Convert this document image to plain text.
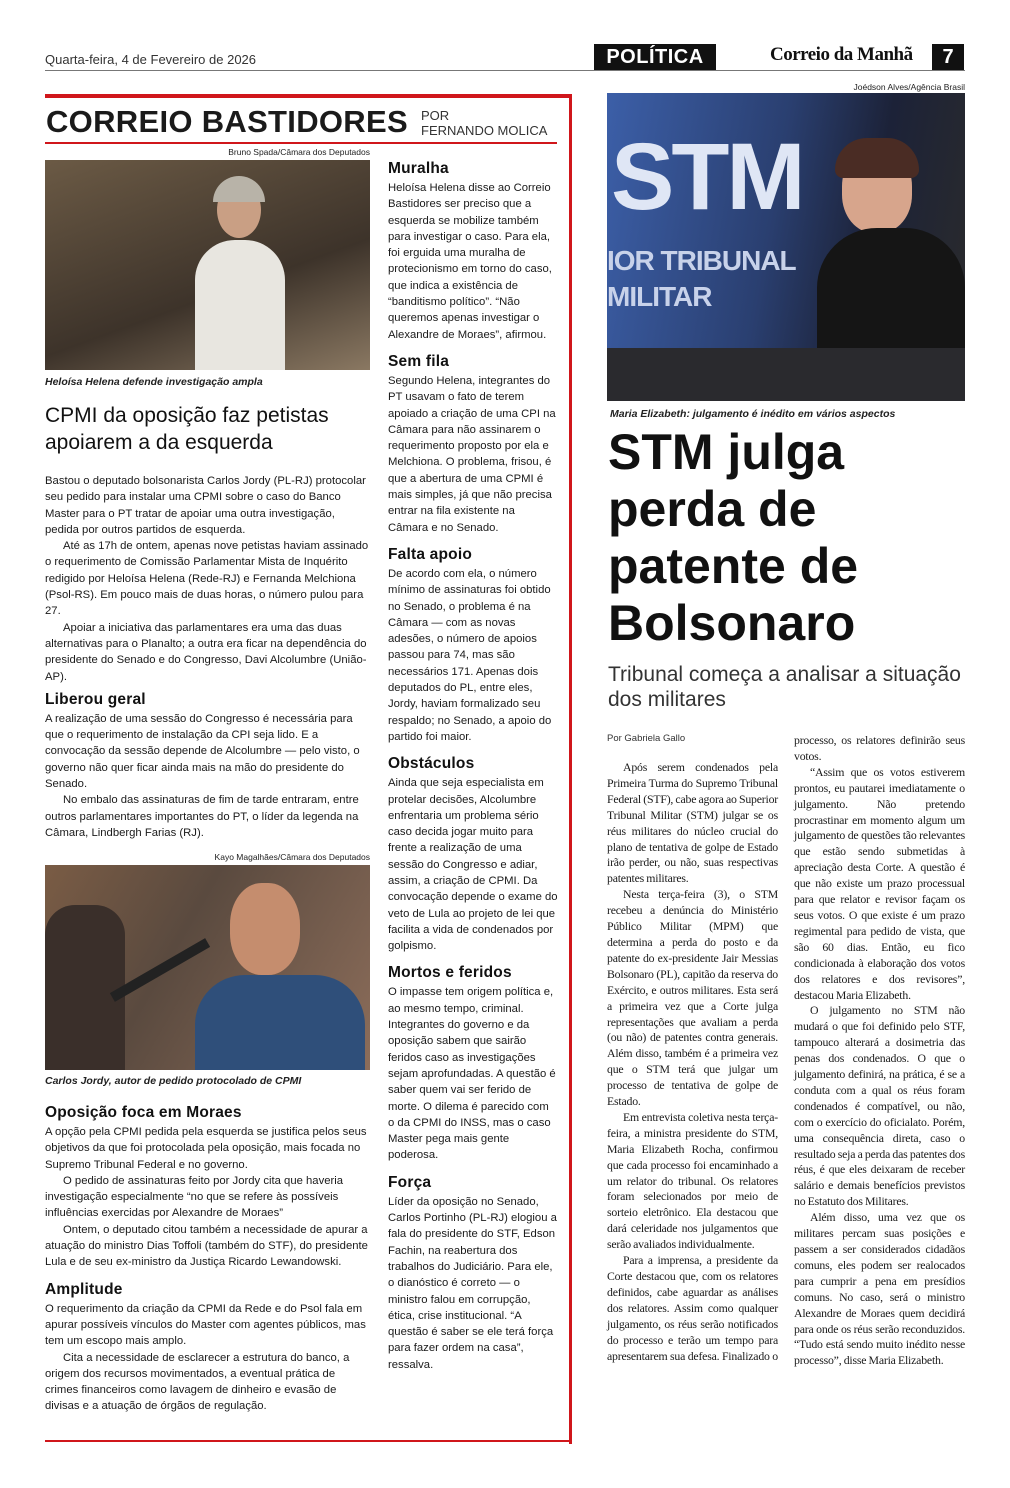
Quarta-feira, 4 de Fevereiro de 2026	POLÍTICA	Correio da Manhã	7
CORREIO BASTIDORES POR
FERNANDO MOLICA
Bruno Spada/Câmara dos Deputados
Heloísa Helena defende investigação ampla
CPMI da oposição faz petistas apoiarem a da esquerda

Bastou o deputado bolsonarista Carlos Jordy (PL-RJ) protocolar seu pedido para instalar uma CPMI sobre o caso do Banco Master para o PT tratar de apoiar uma outra investigação, pedida por outros partidos de esquerda.

Até as 17h de ontem, apenas nove petistas haviam assinado o requerimento de Comissão Parlamentar Mista de Inquérito redigido por Heloísa Helena (Rede-RJ) e Fernanda Melchiona (Psol-RS). Em pouco mais de duas horas, o número pulou para 27.

Apoiar a iniciativa das parlamentares era uma das duas alternativas para o Planalto; a outra era ficar na dependência do presidente do Senado e do Congresso, Davi Alcolumbre (União-AP).

Liberou geral

A realização de uma sessão do Congresso é necessária para que o requerimento de instalação da CPI seja lido. E a convocação da sessão depende de Alcolumbre — pelo visto, o governo não quer ficar ainda mais na mão do presidente do Senado.

No embalo das assinaturas de fim de tarde entraram, entre outros parlamentares importantes do PT, o líder da legenda na Câmara, Lindbergh Farias (RJ).

Kayo Magalhães/Câmara dos Deputados
Carlos Jordy, autor de pedido protocolado de CPMI
Oposição foca em Moraes

A opção pela CPMI pedida pela esquerda se justifica pelos seus objetivos da que foi protocolada pela oposição, mais focada no Supremo Tribunal Federal e no governo.

O pedido de assinaturas feito por Jordy cita que haveria investigação especialmente “no que se refere às possíveis influências exercidas por Alexandre de Moraes”

Ontem, o deputado citou também a necessidade de apurar a atuação do ministro Dias Toffoli (também do STF), do presidente Lula e de seu ex-ministro da Justiça Ricardo Lewandowski.

Amplitude

O requerimento da criação da CPMI da Rede e do Psol fala em apurar possíveis vínculos do Master com agentes públicos, mas tem um escopo mais amplo.

Cita a necessidade de esclarecer a estrutura do banco, a origem dos recursos movimentados, a eventual prática de crimes financeiros como lavagem de dinheiro e evasão de divisas e a atuação de órgãos de regulação.

Muralha

Heloísa Helena disse ao Correio Bastidores ser preciso que a esquerda se mobilize também para investigar o caso. Para ela, foi erguida uma muralha de protecionismo em torno do caso, que indica a existência de “banditismo político”. “Não queremos apenas investigar o Alexandre de Moraes”, afirmou.

Sem fila

Segundo Helena, integrantes do PT usavam o fato de terem apoiado a criação de uma CPI na Câmara para não assinarem o requerimento proposto por ela e Melchiona. O problema, frisou, é que a abertura de uma CPMI é mais simples, já que não precisa entrar na fila existente na Câmara e no Senado.

Falta apoio

De acordo com ela, o número mínimo de assinaturas foi obtido no Senado, o problema é na Câmara — com as novas adesões, o número de apoios passou para 74, mas são necessários 171. Apenas dois deputados do PL, entre eles, Jordy, haviam formalizado seu respaldo; no Senado, a apoio do partido foi maior.

Obstáculos

Ainda que seja especialista em protelar decisões, Alcolumbre enfrentaria um problema sério caso decida jogar muito para frente a realização de uma sessão do Congresso e adiar, assim, a criação de CPMI. Da convocação depende o exame do veto de Lula ao projeto de lei que facilita a vida de condenados por golpismo.

Mortos e feridos

O impasse tem origem política e, ao mesmo tempo, criminal. Integrantes do governo e da oposição sabem que sairão feridos caso as investigações sejam aprofundadas. A questão é saber quem vai ser ferido de morte. O dilema é parecido com o da CPMI do INSS, mas o caso Master pega mais gente poderosa.

Força

Líder da oposição no Senado, Carlos Portinho (PL-RJ) elogiou a fala do presidente do STF, Edson Fachin, na reabertura dos trabalhos do Judiciário. Para ele, o dianóstico é correto — o ministro falou em corrupção, ética, crise institucional. “A questão é saber se ele terá força para fazer ordem na casa”, ressalva.

Joédson Alves/Agência Brasil
STM
IOR TRIBUNAL MILITAR
Maria Elizabeth: julgamento é inédito em vários aspectos
STM julga perda de patente de Bolsonaro
Tribunal começa a analisar a situação dos militares
Por Gabriela Gallo

Após serem condenados pela Primeira Turma do Supremo Tribunal Federal (STF), cabe agora ao Superior Tribunal Militar (STM) julgar se os réus militares do núcleo crucial do plano de tentativa de golpe de Estado irão perder, ou não, suas respectivas patentes militares.

Nesta terça-feira (3), o STM recebeu a denúncia do Ministério Público Militar (MPM) que determina a perda do posto e da patente do ex-presidente Jair Messias Bolsonaro (PL), capitão da reserva do Exército, e outros militares. Esta será a primeira vez que a Corte julga representações que avaliam a perda (ou não) de patentes contra generais. Além disso, também é a primeira vez que o STM terá que julgar um processo de tentativa de golpe de Estado.

Em entrevista coletiva nesta terça-feira, a ministra presidente do STM, Maria Elizabeth Rocha, confirmou que cada processo foi encaminhado a um relator do tribunal. Os relatores foram selecionados por meio de sorteio eletrônico. Ela destacou que dará celeridade nos julgamentos que serão avaliados individualmente.

Para a imprensa, a presidente da Corte destacou que, com os relatores definidos, cabe aguardar as análises dos relatores. Assim como qualquer julgamento, os réus serão notificados do processo e terão um tempo para apresentarem sua defesa. Finalizado o processo, os relatores definirão seus votos.

“Assim que os votos estiverem prontos, eu pautarei imediatamente o julgamento. Não pretendo procrastinar em momento algum um julgamento de questões tão relevantes que estão sendo submetidas à apreciação desta Corte. A questão é que não existe um prazo processual para que relator e revisor façam os seus votos. O que existe é um prazo regimental para pedido de vista, que são 60 dias. Então, eu fico condicionada à elaboração dos votos dos relatores e dos revisores”, destacou Maria Elizabeth.

O julgamento no STM não mudará o que foi definido pelo STF, tampouco alterará a dosimetria das penas dos condenados. O que o julgamento definirá, na prática, é se a conduta com a qual os réus foram condenados é compatível, ou não, com o exercício do oficialato. Porém, uma consequência direta, caso o resultado seja a perda das patentes dos réus, é que eles deixaram de receber salário e demais benefícios previstos no Estatuto dos Militares.

Além disso, uma vez que os militares percam suas posições e passem a ser considerados cidadãos comuns, eles podem ser realocados para cumprir a pena em presídios comuns. No caso, será o ministro Alexandre de Moraes quem decidirá para onde os réus serão reconduzidos. “Tudo está sendo muito inédito nesse processo”, disse Maria Elizabeth.
